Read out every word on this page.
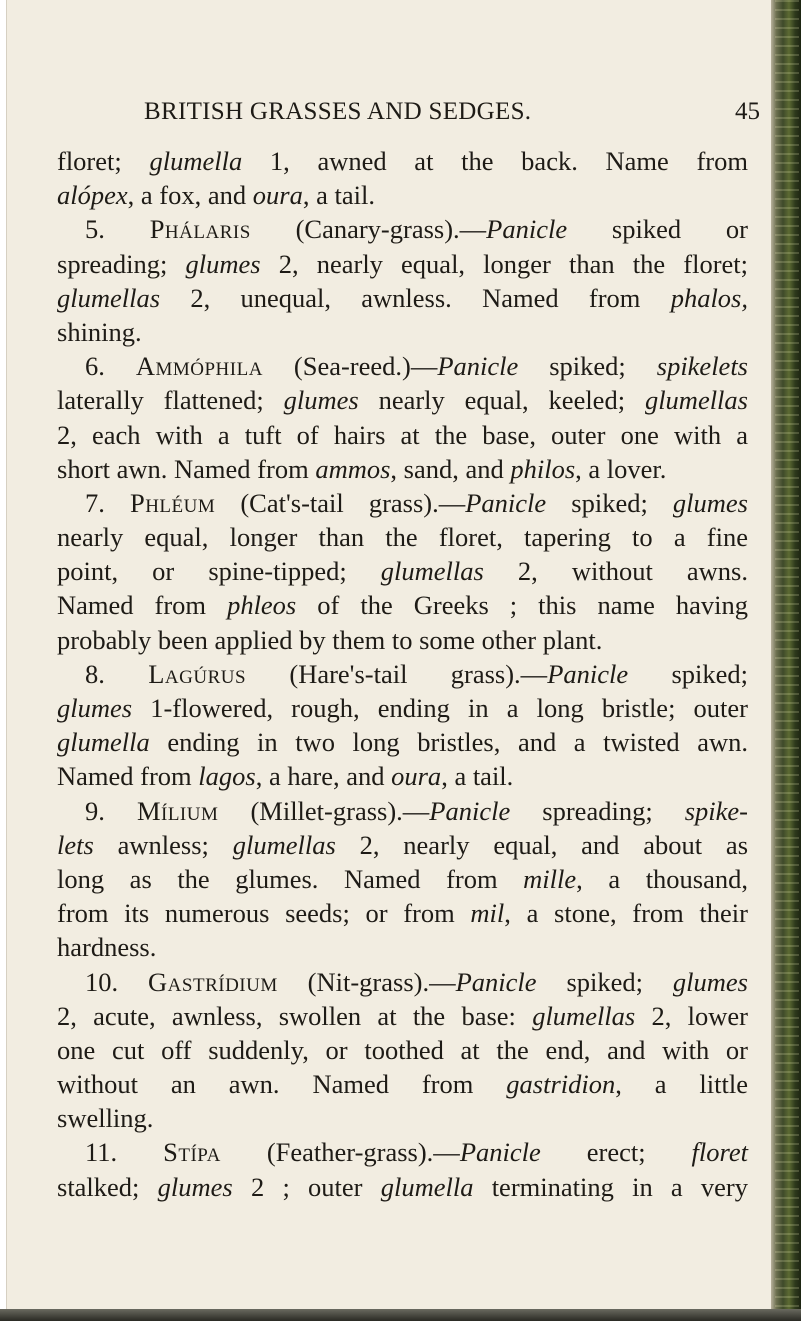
BRITISH GRASSES AND SEDGES.	45
floret; glumella 1, awned at the back. Name from
alópex, a fox, and oura, a tail.
5. Phálaris (Canary-grass).—Panicle spiked or
spreading; glumes 2, nearly equal, longer than the floret;
glumellas 2, unequal, awnless. Named from phalos,
shining.
6. Ammóphila (Sea-reed.)—Panicle spiked; spikelets
laterally flattened; glumes nearly equal, keeled; glumellas
2, each with a tuft of hairs at the base, outer one with a
short awn. Named from ammos, sand, and philos, a lover.
7. Phléum (Cat's-tail grass).—Panicle spiked; glumes
nearly equal, longer than the floret, tapering to a fine
point, or spine-tipped; glumellas 2, without awns.
Named from phleos of the Greeks ; this name having
probably been applied by them to some other plant.
8. Lagúrus (Hare's-tail grass).—Panicle spiked;
glumes 1-flowered, rough, ending in a long bristle; outer
glumella ending in two long bristles, and a twisted awn.
Named from lagos, a hare, and oura, a tail.
9. Mílium (Millet-grass).—Panicle spreading; spike-
lets awnless; glumellas 2, nearly equal, and about as
long as the glumes. Named from mille, a thousand,
from its numerous seeds; or from mil, a stone, from their
hardness.
10. Gastrídium (Nit-grass).—Panicle spiked; glumes
2, acute, awnless, swollen at the base: glumellas 2, lower
one cut off suddenly, or toothed at the end, and with or
without an awn. Named from gastridion, a little
swelling.
11. Stípa (Feather-grass).—Panicle erect; floret
stalked; glumes 2 ; outer glumella terminating in a very
